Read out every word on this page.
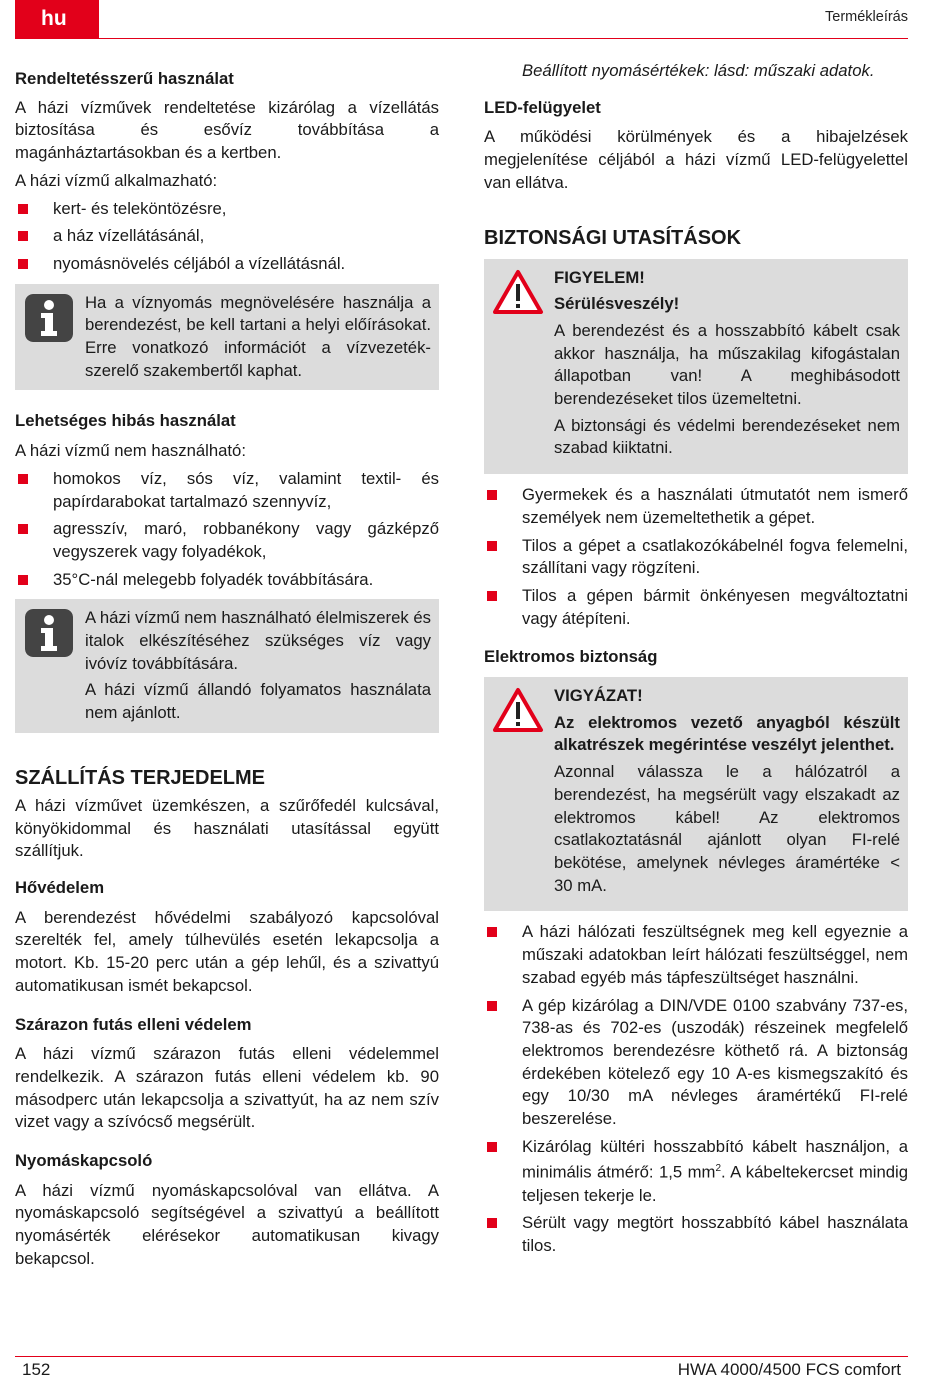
hu	Termékleírás
Rendeltetésszerű használat

A házi vízművek rendeltetése kizárólag a vízellátás biztosítása és esővíz továbbítása a magánháztartásokban és a kertben.

A házi vízmű alkalmazható:

kert- és teleköntözésre,
a ház vízellátásánál,
nyomásnövelés céljából a vízellátásnál.

Ha a víznyomás megnövelésére használja a berendezést, be kell tartani a helyi előírásokat. Erre vonatkozó információt a vízvezeték-szerelő szakembertől kaphat.

Lehetséges hibás használat

A házi vízmű nem használható:

homokos víz, sós víz, valamint textil- és papírdarabokat tartalmazó szennyvíz,
agresszív, maró, robbanékony vagy gázképző vegyszerek vagy folyadékok,
35°C-nál melegebb folyadék továbbítására.

A házi vízmű nem használható élelmiszerek és italok elkészítéséhez szükséges víz vagy ivóvíz továbbítására.

A házi vízmű állandó folyamatos használata nem ajánlott.

SZÁLLÍTÁS TERJEDELME

A házi vízművet üzemkészen, a szűrőfedél kulcsával, könyökidommal és használati utasítással együtt szállítjuk.

Hővédelem

A berendezést hővédelmi szabályozó kapcsolóval szerelték fel, amely túlhevülés esetén lekapcsolja a motort. Kb. 15-20 perc után a gép lehűl, és a szivattyú automatikusan ismét bekapcsol.

Szárazon futás elleni védelem

A házi vízmű szárazon futás elleni védelemmel rendelkezik. A szárazon futás elleni védelem kb. 90 másodperc után lekapcsolja a szivattyút, ha az nem szív vizet vagy a szívócső megsérült.

Nyomáskapcsoló

A házi vízmű nyomáskapcsolóval van ellátva. A nyomáskapcsoló segítségével a szivattyú a beállított nyomásérték elérésekor automatikusan kivagy bekapcsol.

Beállított nyomásértékek: lásd: műszaki adatok.

LED-felügyelet

A működési körülmények és a hibajelzések megjelenítése céljából a házi vízmű LED-felügyelettel van ellátva.

BIZTONSÁGI UTASÍTÁSOK

FIGYELEM!

Sérülésveszély!

A berendezést és a hosszabbító kábelt csak akkor használja, ha műszakilag kifogástalan állapotban van! A meghibásodott berendezéseket tilos üzemeltetni.

A biztonsági és védelmi berendezéseket nem szabad kiiktatni.

Gyermekek és a használati útmutatót nem ismerő személyek nem üzemeltethetik a gépet.
Tilos a gépet a csatlakozókábelnél fogva felemelni, szállítani vagy rögzíteni.
Tilos a gépen bármit önkényesen megváltoztatni vagy átépíteni.
Elektromos biztonság

VIGYÁZAT!

Az elektromos vezető anyagból készült alkatrészek megérintése veszélyt jelenthet.

Azonnal válassza le a hálózatról a berendezést, ha megsérült vagy elszakadt az elektromos kábel! Az elektromos csatlakoztatásnál ajánlott olyan FI-relé bekötése, amelynek névleges áramértéke < 30 mA.

A házi hálózati feszültségnek meg kell egyeznie a műszaki adatokban leírt hálózati feszültséggel, nem szabad egyéb más tápfeszültséget használni.
A gép kizárólag a DIN/VDE 0100 szabvány 737-es, 738-as és 702-es (uszodák) részeinek megfelelő elektromos berendezésre köthető rá. A biztonság érdekében kötelező egy 10 A-es kismegszakító és egy 10/30 mA névleges áramértékű FI-relé beszerelése.
Kizárólag kültéri hosszabbító kábelt használjon, a minimális átmérő: 1,5 $mm^2$. A kábeltekercset mindig teljesen tekerje le.
Sérült vagy megtört hosszabbító kábel használata tilos.
152	HWA 4000/4500 FCS comfort
